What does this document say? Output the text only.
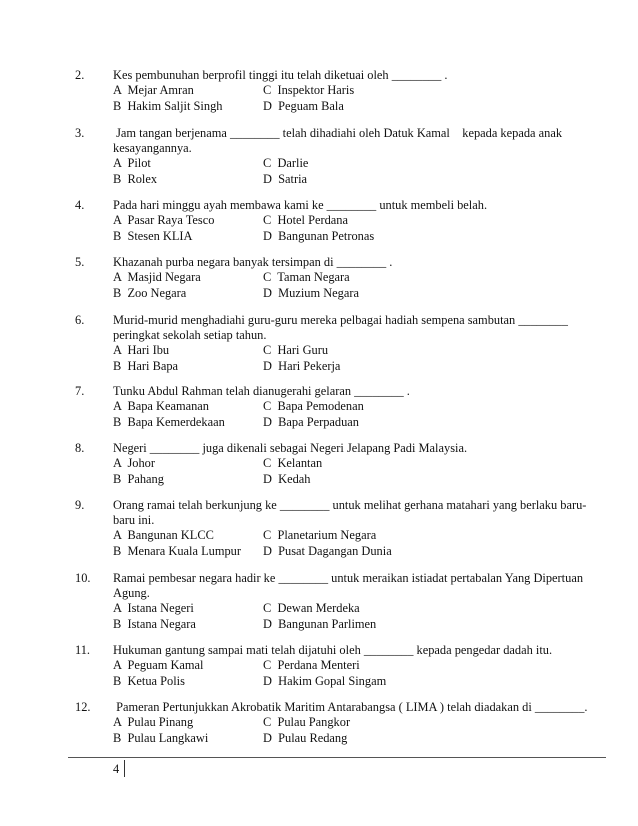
2. Kes pembunuhan berprofil tinggi itu telah diketuai oleh ________ .
A  Mejar Amran	C  Inspektor Haris
B  Hakim Saljit Singh	D  Peguam Bala
3. Jam tangan berjenama ________ telah dihadiahi oleh Datuk Kamal    kepada kepada anak kesayangannya.
A  Pilot	C  Darlie
B  Rolex	D  Satria
4. Pada hari minggu ayah membawa kami ke ________ untuk membeli belah.
A  Pasar Raya Tesco	C  Hotel Perdana
B  Stesen KLIA	D  Bangunan Petronas
5. Khazanah purba negara banyak tersimpan di ________ .
A  Masjid Negara	C  Taman Negara
B  Zoo Negara	D  Muzium Negara
6. Murid-murid menghadiahi guru-guru mereka pelbagai hadiah sempena sambutan ________ peringkat sekolah setiap tahun.
A  Hari Ibu	C  Hari Guru
B  Hari Bapa	D  Hari Pekerja
7. Tunku Abdul Rahman telah dianugerahi gelaran ________ .
A  Bapa Keamanan	C  Bapa Pemodenan
B  Bapa Kemerdekaan	D  Bapa Perpaduan
8. Negeri ________ juga dikenali sebagai Negeri Jelapang Padi Malaysia.
A  Johor	C  Kelantan
B  Pahang	D  Kedah
9. Orang ramai telah berkunjung ke ________ untuk melihat gerhana matahari yang berlaku baru-baru ini.
A  Bangunan KLCC	C  Planetarium Negara
B  Menara Kuala Lumpur D  Pusat Dagangan Dunia
10. Ramai pembesar negara hadir ke ________ untuk meraikan istiadat pertabalan Yang Dipertuan Agung.
A  Istana Negeri	C  Dewan Merdeka
B  Istana Negara	D  Bangunan Parlimen
11. Hukuman gantung sampai mati telah dijatuhi oleh ________ kepada pengedar dadah itu.
A  Peguam Kamal	C  Perdana Menteri
B  Ketua Polis	D  Hakim Gopal Singam
12. Pameran Pertunjukkan Akrobatik Maritim Antarabangsa ( LIMA ) telah diadakan di ________.
A  Pulau Pinang	C  Pulau Pangkor
B  Pulau Langkawi	D  Pulau Redang
4
